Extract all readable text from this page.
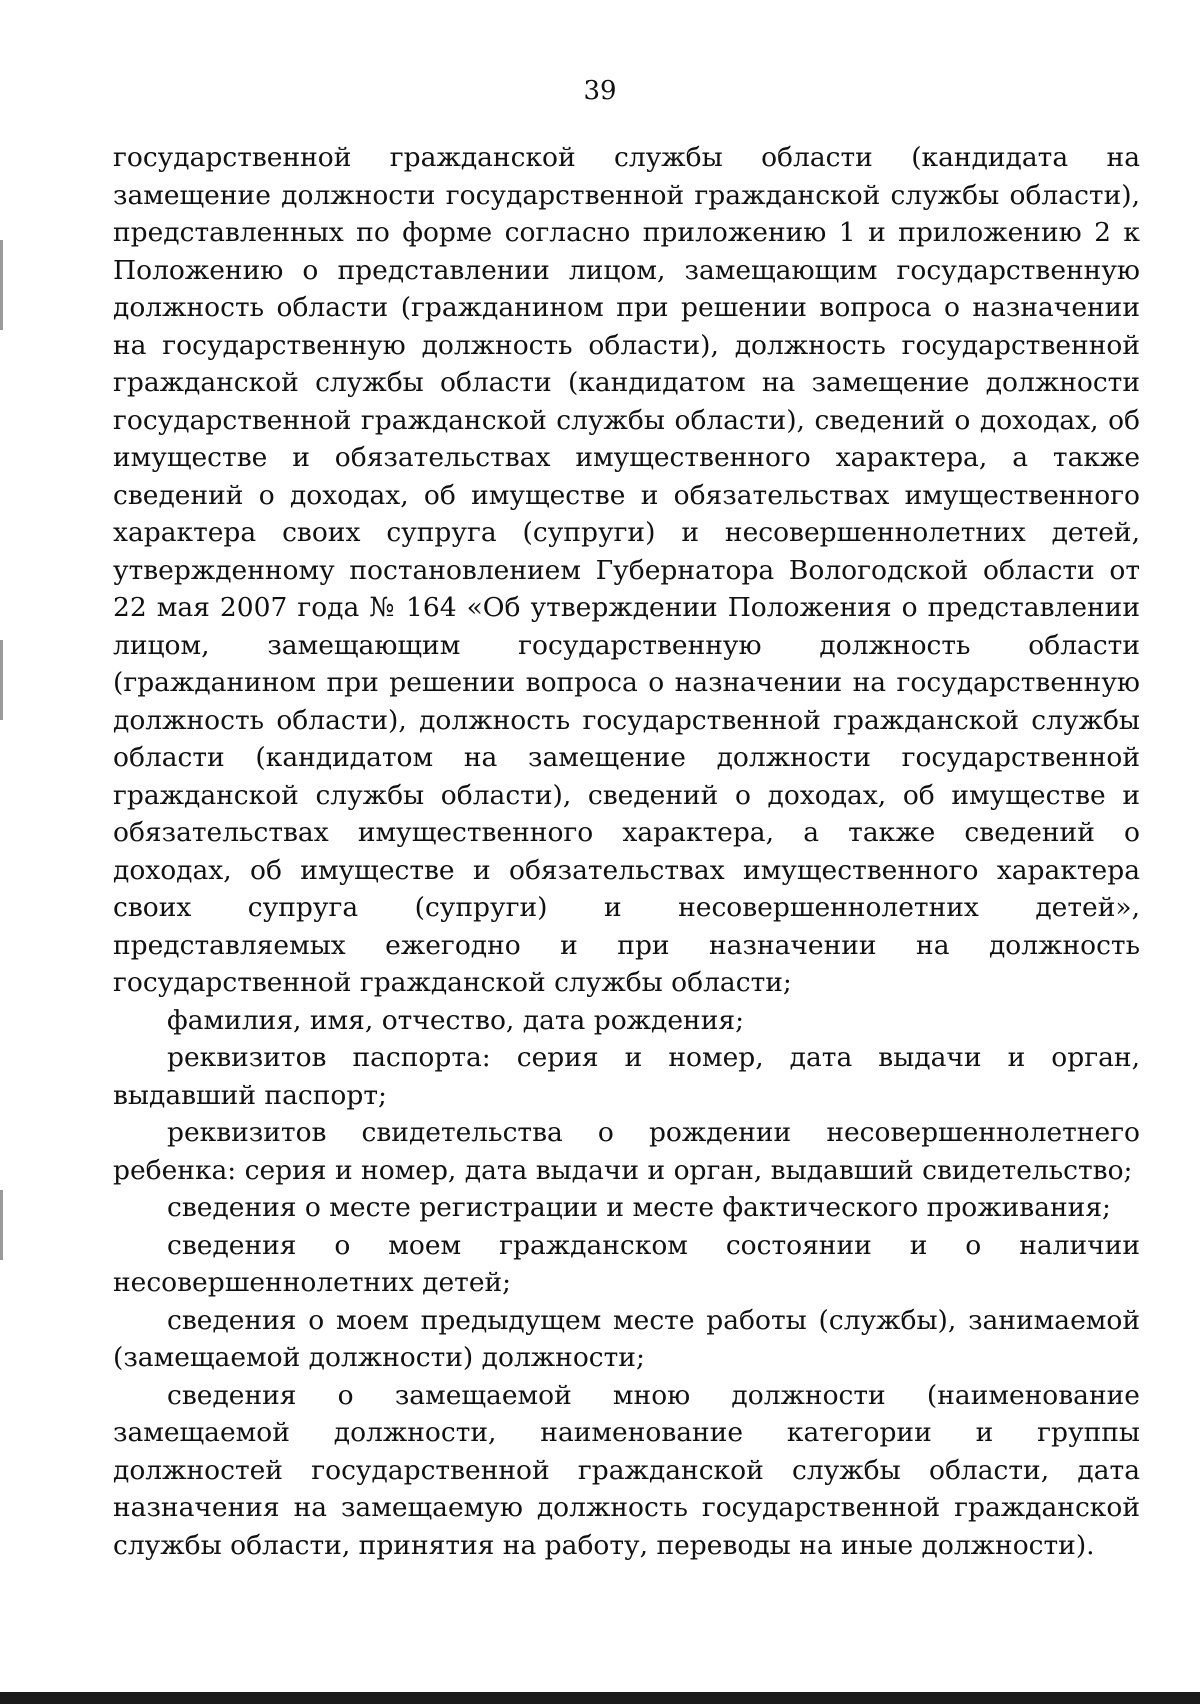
39

государственной гражданской службы области (кандидата на замещение должности государственной гражданской службы области), представленных по форме согласно приложению 1 и приложению 2 к Положению о представлении лицом, замещающим государственную должность области (гражданином при решении вопроса о назначении на государственную должность области), должность государственной гражданской службы области (кандидатом на замещение должности государственной гражданской службы области), сведений о доходах, об имуществе и обязательствах имущественного характера, а также сведений о доходах, об имуществе и обязательствах имущественного характера своих супруга (супруги) и несовершеннолетних детей, утвержденному постановлением Губернатора Вологодской области от 22 мая 2007 года № 164 «Об утверждении Положения о представлении лицом, замещающим государственную должность области (гражданином при решении вопроса о назначении на государственную должность области), должность государственной гражданской службы области (кандидатом на замещение должности государственной гражданской службы области), сведений о доходах, об имуществе и обязательствах имущественного характера, а также сведений о доходах, об имуществе и обязательствах имущественного характера своих супруга (супруги) и несовершеннолетних детей», представляемых ежегодно и при назначении на должность государственной гражданской службы области;

фамилия, имя, отчество, дата рождения;

реквизитов паспорта: серия и номер, дата выдачи и орган, выдавший паспорт;

реквизитов свидетельства о рождении несовершеннолетнего ребенка: серия и номер, дата выдачи и орган, выдавший свидетельство;

сведения о месте регистрации и месте фактического проживания;

сведения о моем гражданском состоянии и о наличии несовершеннолетних детей;

сведения о моем предыдущем месте работы (службы), занимаемой (замещаемой должности) должности;

сведения о замещаемой мною должности (наименование замещаемой должности, наименование категории и группы должностей государственной гражданской службы области, дата назначения на замещаемую должность государственной гражданской службы области, принятия на работу, переводы на иные должности).
